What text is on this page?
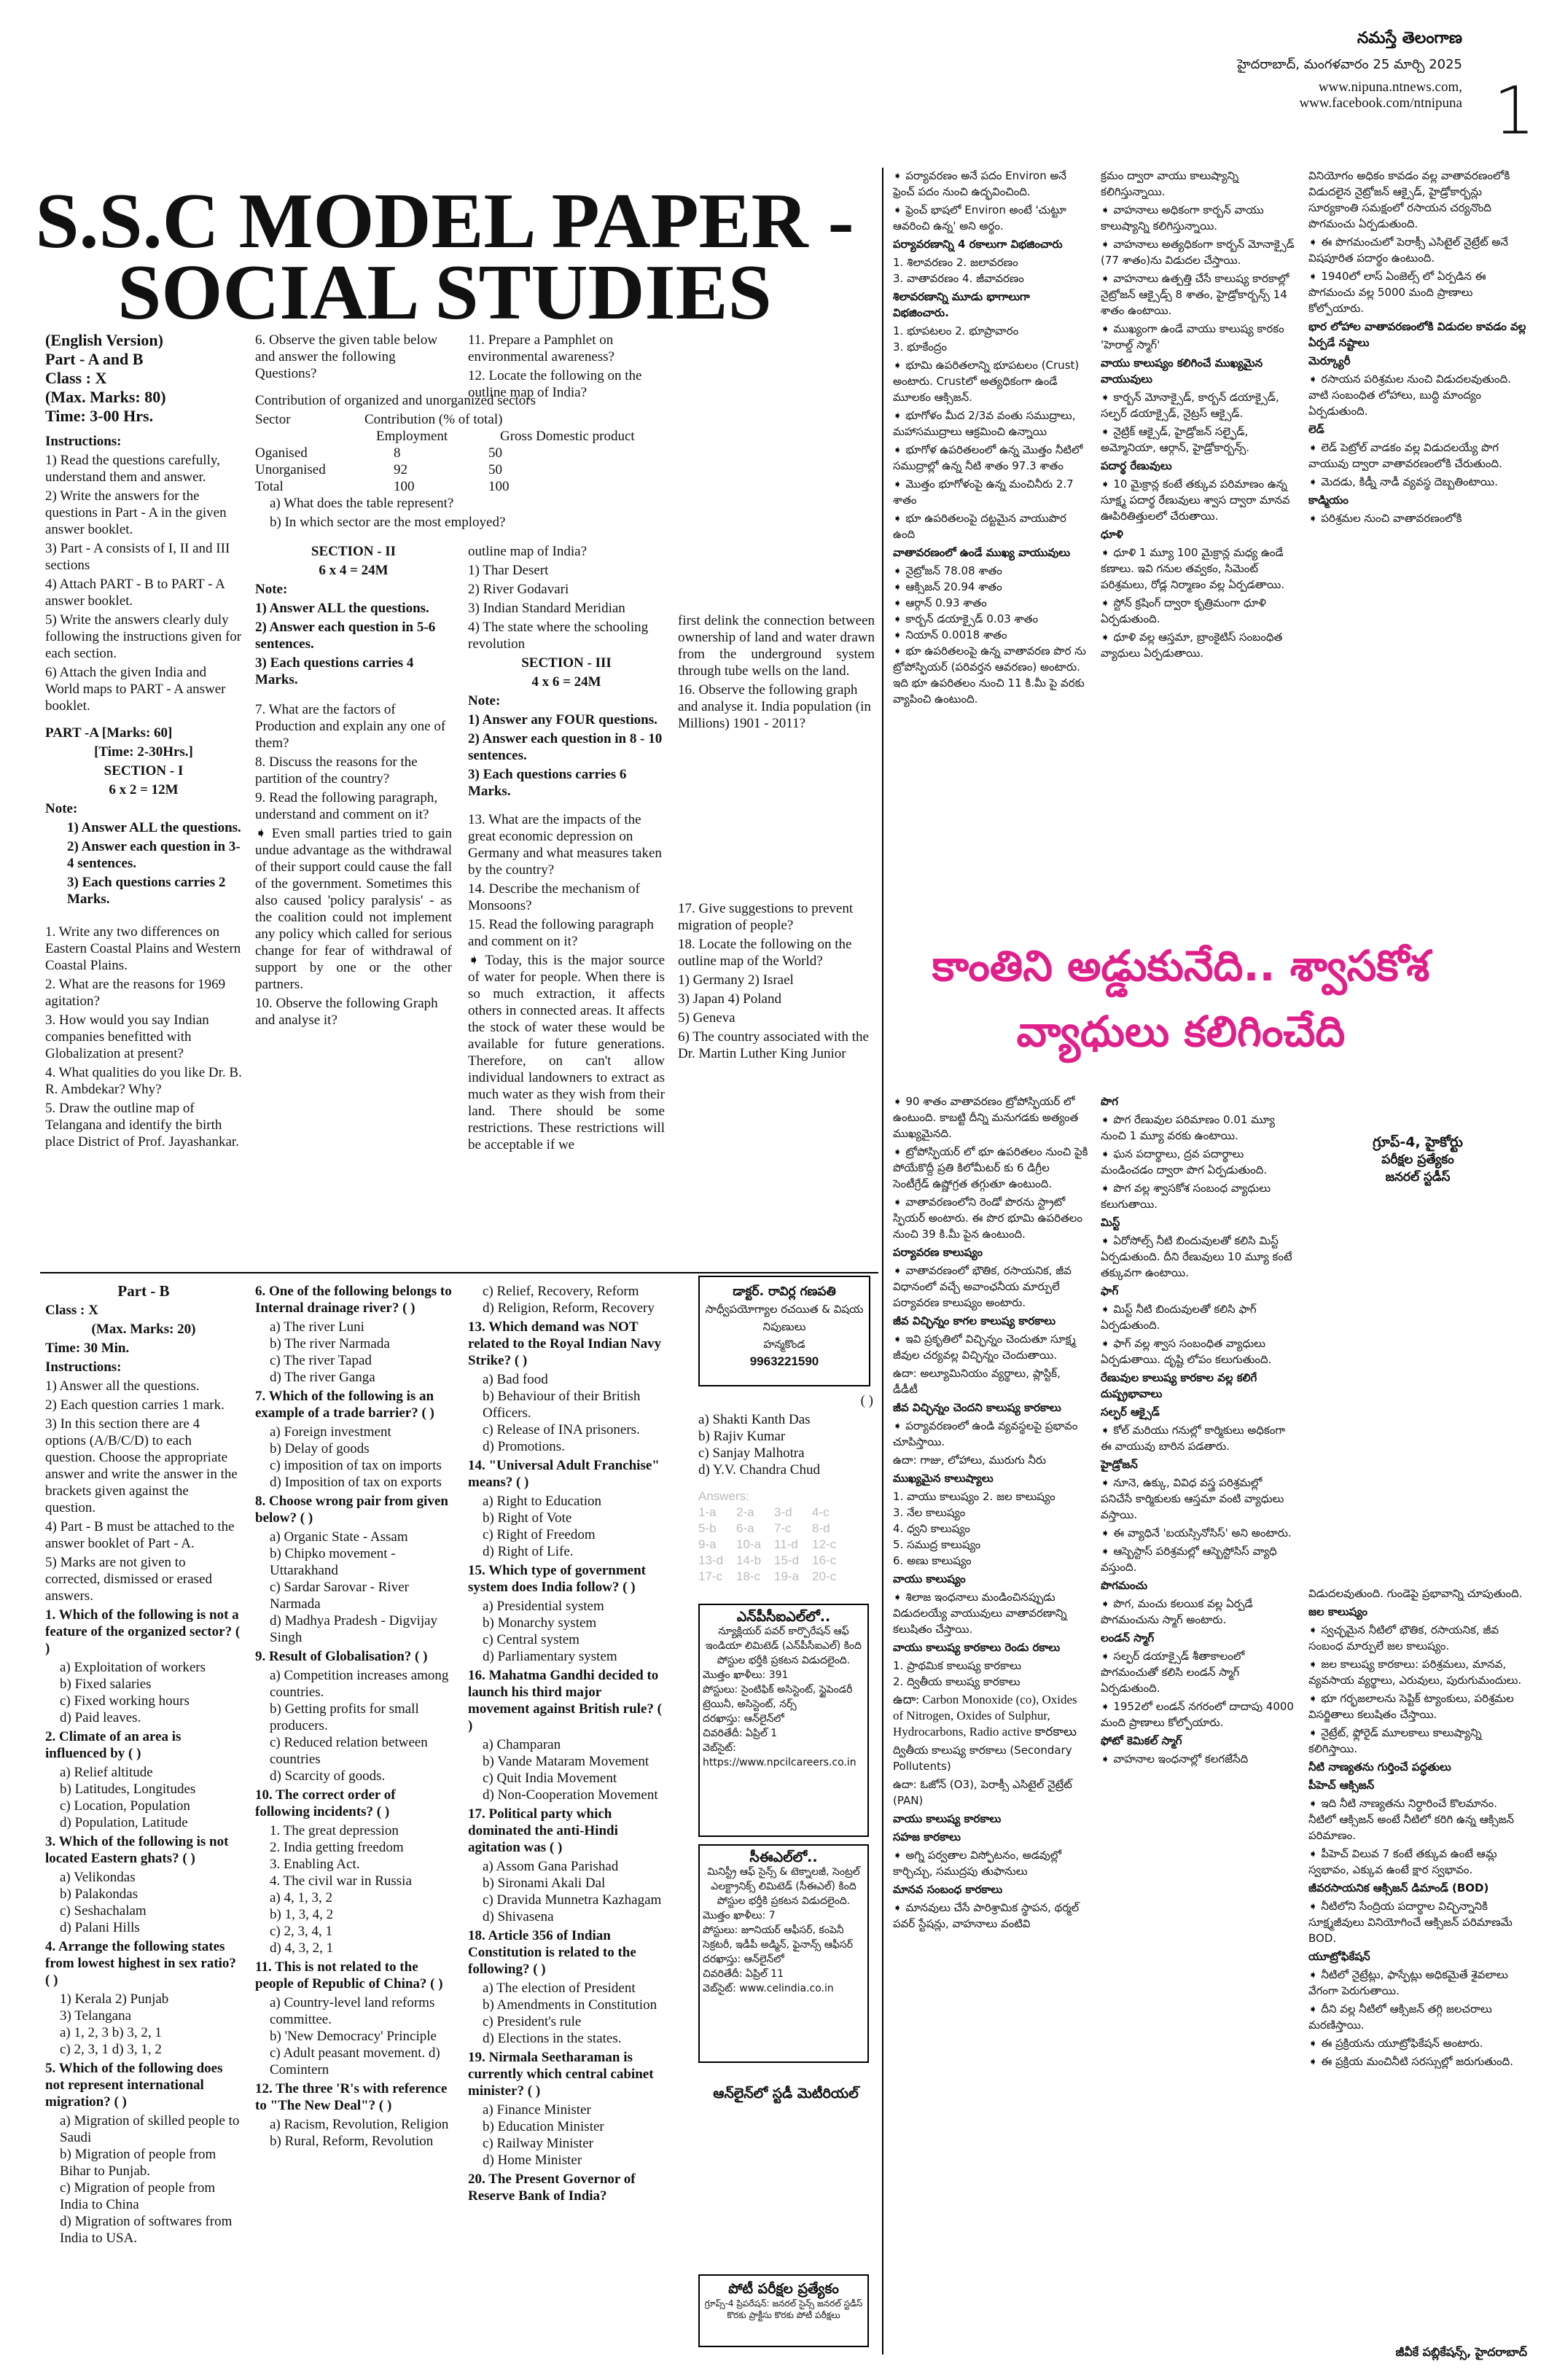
నమస్తే తెలంగాణ
హైదరాబాద్, మంగళవారం 25 మార్చి 2025
www.nipuna.ntnews.com,
www.facebook.com/ntnipuna 1
S.S.C MODEL PAPER -
SOCIAL STUDIES

(English Version)

Part - A and B

Class : X

(Max. Marks: 80)

Time: 3-00 Hrs.

Instructions:

1) Read the questions carefully, understand them and answer.

2) Write the answers for the questions in Part - A in the given answer booklet.

3) Part - A consists of I, II and III sections

4) Attach PART - B to PART - A answer booklet.

5) Write the answers clearly duly following the instructions given for each section.

6) Attach the given India and World maps to PART - A answer booklet.

PART -A [Marks: 60]

[Time: 2-30Hrs.]

SECTION - I

6 x 2 = 12M

Note:

1) Answer ALL the questions.

2) Answer each question in 3-4 sentences.

3) Each questions carries 2 Marks.

1. Write any two differences on Eastern Coastal Plains and Western Coastal Plains.

2. What are the reasons for 1969 agitation?

3. How would you say Indian companies benefitted with Globalization at present?

4. What qualities do you like Dr. B. R. Ambdekar? Why?

5. Draw the outline map of Telangana and identify the birth place District of Prof. Jayashankar.

6. Observe the given table below and answer the following Questions?

Contribution of organized and unorganized sectors

Sector	Contribution (% of total)
Employment	Gross Domestic product
Oganised	8	50
Unorganised	92	50
Total	100	100

a) What does the table represent?

b) In which sector are the most employed?

SECTION - II

6 x 4 = 24M

Note:

1) Answer ALL the questions.

2) Answer each question in 5-6 sentences.

3) Each questions carries 4 Marks.

7. What are the factors of Production and explain any one of them?

8. Discuss the reasons for the partition of the country?

9. Read the following paragraph, understand and comment on it?

➧ Even small parties tried to gain undue advantage as the withdrawal of their support could cause the fall of the government. Sometimes this also caused 'policy paralysis' - as the coalition could not implement any policy which called for serious change for fear of withdrawal of support by one or the other partners.

10. Observe the following Graph and analyse it?

11. Prepare a Pamphlet on environmental awareness?

12. Locate the following on the outline map of India?

outline map of India?

1) Thar Desert

2) River Godavari

3) Indian Standard Meridian

4) The state where the schooling revolution

SECTION - III

4 x 6 = 24M

Note:

1) Answer any FOUR questions.

2) Answer each question in 8 - 10 sentences.

3) Each questions carries 6 Marks.

13. What are the impacts of the great economic depression on Germany and what measures taken by the country?

14. Describe the mechanism of Monsoons?

15. Read the following paragraph and comment on it?

➧ Today, this is the major source of water for people. When there is so much extraction, it affects others in connected areas. It affects the stock of water these would be available for future generations. Therefore, on can't allow individual landowners to extract as much water as they wish from their land. There should be some restrictions. These restrictions will be acceptable if we

first delink the connection between ownership of land and water drawn from the underground system through tube wells on the land.

16. Observe the following graph and analyse it. India population (in Millions) 1901 - 2011?

17. Give suggestions to prevent migration of people?

18. Locate the following on the outline map of the World?

1) Germany 2) Israel

3) Japan 4) Poland

5) Geneva

6) The country associated with the Dr. Martin Luther King Junior

కాంతిని అడ్డుకునేది.. శ్వాసకోశ
వ్యాధులు కలిగించేది

Part - B

Class : X

(Max. Marks: 20)

Time: 30 Min.

Instructions:

1) Answer all the questions.

2) Each question carries 1 mark.

3) In this section there are 4 options (A/B/C/D) to each question. Choose the appropriate answer and write the answer in the brackets given against the question.

4) Part - B must be attached to the answer booklet of Part - A.

5) Marks are not given to corrected, dismissed or erased answers.

1. Which of the following is not a feature of the organized sector? ( )

a) Exploitation of workers

b) Fixed salaries

c) Fixed working hours

d) Paid leaves.

2. Climate of an area is influenced by ( )

a) Relief altitude

b) Latitudes, Longitudes

c) Location, Population

d) Population, Latitude

3. Which of the following is not located Eastern ghats? ( )

a) Velikondas

b) Palakondas

c) Seshachalam

d) Palani Hills

4. Arrange the following states from lowest highest in sex ratio? ( )

1) Kerala 2) Punjab

3) Telangana

a) 1, 2, 3 b) 3, 2, 1

c) 2, 3, 1 d) 3, 1, 2

5. Which of the following does not represent international migration? ( )

a) Migration of skilled people to Saudi

b) Migration of people from Bihar to Punjab.

c) Migration of people from India to China

d) Migration of softwares from India to USA.

6. One of the following belongs to Internal drainage river? ( )

a) The river Luni

b) The river Narmada

c) The river Tapad

d) The river Ganga

7. Which of the following is an example of a trade barrier? ( )

a) Foreign investment

b) Delay of goods

c) imposition of tax on imports

d) Imposition of tax on exports

8. Choose wrong pair from given below? ( )

a) Organic State - Assam

b) Chipko movement - Uttarakhand

c) Sardar Sarovar - River Narmada

d) Madhya Pradesh - Digvijay Singh

9. Result of Globalisation? ( )

a) Competition increases among countries.

b) Getting profits for small producers.

c) Reduced relation between countries

d) Scarcity of goods.

10. The correct order of following incidents? ( )

1. The great depression

2. India getting freedom

3. Enabling Act.

4. The civil war in Russia

a) 4, 1, 3, 2

b) 1, 3, 4, 2

c) 2, 3, 4, 1

d) 4, 3, 2, 1

11. This is not related to the people of Republic of China? ( )

a) Country-level land reforms committee.

b) 'New Democracy' Principle

c) Adult peasant movement. d) Comintern

12. The three 'R's with reference to "The New Deal"? ( )

a) Racism, Revolution, Religion

b) Rural, Reform, Revolution

c) Relief, Recovery, Reform

d) Religion, Reform, Recovery

13. Which demand was NOT related to the Royal Indian Navy Strike? ( )

a) Bad food

b) Behaviour of their British Officers.

c) Release of INA prisoners.

d) Promotions.

14. "Universal Adult Franchise" means? ( )

a) Right to Education

b) Right of Vote

c) Right of Freedom

d) Right of Life.

15. Which type of government system does India follow? ( )

a) Presidential system

b) Monarchy system

c) Central system

d) Parliamentary system

16. Mahatma Gandhi decided to launch his third major movement against British rule? ( )

a) Champaran

b) Vande Mataram Movement

c) Quit India Movement

d) Non-Cooperation Movement

17. Political party which dominated the anti-Hindi agitation was ( )

a) Assom Gana Parishad

b) Sironami Akali Dal

c) Dravida Munnetra Kazhagam

d) Shivasena

18. Article 356 of Indian Constitution is related to the following? ( )

a) The election of President

b) Amendments in Constitution

c) President's rule

d) Elections in the states.

19. Nirmala Seetharaman is currently which central cabinet minister? ( )

a) Finance Minister

b) Education Minister

c) Railway Minister

d) Home Minister

20. The Present Governor of Reserve Bank of India?

డాక్టర్. రావిర్ల గణపతి
సాధ్వీపయోగ్యాల రచయిత & విషయ నిపుణులు
హన్మకొండ
9963221590

( )

a) Shakti Kanth Das

b) Rajiv Kumar

c) Sanjay Malhotra

d) Y.V. Chandra Chud

Answers:
1-a 2-a 3-d 4-c
5-b 6-a 7-c 8-d
9-a 10-a 11-d 12-c
13-d 14-b 15-d 16-c
17-c 18-c 19-a 20-c
ఎన్‌పీసీఐఎల్‌లో..
న్యూక్లియర్ పవర్ కార్పొరేషన్ ఆఫ్ ఇండియా లిమిటెడ్ (ఎన్‌పీసీఐఎల్) కింది పోస్టుల భర్తీకి ప్రకటన విడుదలైంది.
మొత్తం ఖాళీలు: 391
పోస్టులు: సైంటిఫిక్ అసిస్టెంట్, స్టైపెండరీ ట్రెయినీ, అసిస్టెంట్, నర్స్
దరఖాస్తు: ఆన్‌లైన్‌లో
చివరితేదీ: ఏప్రిల్ 1
వెబ్‌సైట్: https://www.npcilcareers.co.in
సీఈఎల్‌లో..
మినిస్ట్రీ ఆఫ్ సైన్స్ & టెక్నాలజీ, సెంట్రల్ ఎలక్ట్రానిక్స్ లిమిటెడ్ (సీఈఎల్) కింది పోస్టుల భర్తీకి ప్రకటన విడుదలైంది.
మొత్తం ఖాళీలు: 7
పోస్టులు: జూనియర్ ఆఫీసర్, కంపెనీ సెక్రటరీ, ఇడీపీ అడ్మిన్, ఫైనాన్స్ ఆఫీసర్
దరఖాస్తు: ఆన్‌లైన్‌లో
చివరితేదీ: ఏప్రిల్ 11
వెబ్‌సైట్: www.celindia.co.in
ఆన్‌లైన్‌లో స్టడీ మెటీరియల్
పోటీ పరీక్షల ప్రత్యేకం
గ్రూప్స్-4 ప్రిపరేషన్: జనరల్ సైన్స్ జనరల్ స్టడీస్ కొరకు ప్రాక్టీసు కొరకు పోటీ పరీక్షలు

➧ పర్యావరణం అనే పదం Environ అనే ఫ్రెంచ్ పదం నుంచి ఉద్భవించింది.

➧ ఫ్రెంచ్ భాషలో Environ అంటే 'చుట్టూ ఆవరించి ఉన్న' అని అర్థం.

పర్యావరణాన్ని 4 రకాలుగా విభజించారు

1. శిలావరణం 2. జలావరణం

3. వాతావరణం 4. జీవావరణం

శిలావరణాన్ని మూడు భాగాలుగా విభజించారు.

1. భూపటలం 2. భూప్రావారం

3. భూకేంద్రం

➧ భూమి ఉపరితలాన్ని భూపటలం (Crust) అంటారు. Crustలో అత్యధికంగా ఉండే మూలకం ఆక్సిజన్.

➧ భూగోళం మీద 2/3వ వంతు సముద్రాలు, మహాసముద్రాలు ఆక్రమించి ఉన్నాయి

➧ భూగోళ ఉపరితలంలో ఉన్న మొత్తం నీటిలో సముద్రాల్లో ఉన్న నీటి శాతం 97.3 శాతం

➧ మొత్తం భూగోళంపై ఉన్న మంచినీరు 2.7 శాతం

➧ భూ ఉపరితలంపై దట్టమైన వాయుపొర ఉంది

వాతావరణంలో ఉండే ముఖ్య వాయువులు

➧ నైట్రోజన్ 78.08 శాతం

➧ ఆక్సిజన్ 20.94 శాతం

➧ ఆర్గాన్ 0.93 శాతం

➧ కార్బన్ డయాక్సైడ్ 0.03 శాతం

➧ నియాన్ 0.0018 శాతం

➧ భూ ఉపరితలంపై ఉన్న వాతావరణ పొర ను ట్రోపోస్ఫియర్ (పరివర్తన ఆవరణం) అంటారు. ఇది భూ ఉపరితలం నుంచి 11 కి.మీ పై వరకు వ్యాపించి ఉంటుంది.

క్రమం ద్వారా వాయు కాలుష్యాన్ని కలిగిస్తున్నాయి.

➧ వాహనాలు అధికంగా కార్బన్ వాయు కాలుష్యాన్ని కలిగిస్తున్నాయి.

➧ వాహనాలు అత్యధికంగా కార్బన్ మోనాక్సైడ్ (77 శాతం)ను విడుదల చేస్తాయి.

➧ వాహనాలు ఉత్పత్తి చేసే కాలుష్య కారకాల్లో నైట్రోజన్ ఆక్సైడ్స్ 8 శాతం, హైడ్రోకార్బన్స్ 14 శాతం ఉంటాయి.

➧ ముఖ్యంగా ఉండే వాయు కాలుష్య కారకం 'హెరాల్డ్ స్మాగ్'

వాయు కాలుష్యం కలిగించే ముఖ్యమైన వాయువులు

➧ కార్బన్ మోనాక్సైడ్, కార్బన్ డయాక్సైడ్, సల్ఫర్ డయాక్సైడ్, నైట్రస్ ఆక్సైడ్.

➧ నైట్రిక్ ఆక్సైడ్, హైడ్రోజన్ సల్ఫైడ్, అమ్మోనియా, ఆర్గాన్, హైడ్రోకార్బన్స్.

పదార్థ రేణువులు

➧ 10 మైక్రాన్ల కంటే తక్కువ పరిమాణం ఉన్న సూక్ష్మ పదార్థ రేణువులు శ్వాస ద్వారా మానవ ఊపిరితిత్తులలో చేరుతాయి.

ధూళి

➧ ధూళి 1 మ్యూ 100 మైక్రాన్ల మధ్య ఉండే కణాలు. ఇవి గనుల తవ్వకం, సిమెంట్ పరిశ్రమలు, రోడ్ల నిర్మాణం వల్ల ఏర్పడతాయి.

➧ స్టోన్ క్రషింగ్ ద్వారా కృత్రిమంగా ధూళి ఏర్పడుతుంది.

➧ ధూళి వల్ల ఆస్తమా, బ్రాంకైటిస్ సంబంధిత వ్యాధులు ఏర్పడుతాయి.

వినియోగం అధికం కావడం వల్ల వాతావరణంలోకి విడుదలైన నైట్రోజన్ ఆక్సైడ్, హైడ్రోకార్బన్లు సూర్యకాంతి సమక్షంలో రసాయన చర్యనొంది పొగమంచు ఏర్పడుతుంది.

➧ ఈ పొగమంచులో పెరాక్సీ ఎసిటైల్ నైట్రేట్ అనే విషపూరిత పదార్థం ఉంటుంది.

➧ 1940లో లాస్ ఏంజెల్స్ లో ఏర్పడిన ఈ పొగమంచు వల్ల 5000 మంది ప్రాణాలు కోల్పోయారు.

భార లోహాల వాతావరణంలోకి విడుదల కావడం వల్ల ఏర్పడే నష్టాలు

మెర్క్యూరీ

➧ రసాయన పరిశ్రమల నుంచి విడుదలవుతుంది. వాటి సంబంధిత లోహాలు, బుద్ధి మాంద్యం ఏర్పడుతుంది.

లెడ్

➧ లెడ్ పెట్రోల్ వాడకం వల్ల విడుదలయ్యే పొగ వాయువు ద్వారా వాతావరణంలోకి చేరుతుంది.

➧ మెదడు, కిడ్నీ నాడీ వ్యవస్థ దెబ్బతింటాయి.

కాడ్మియం

➧ పరిశ్రమల నుంచి వాతావరణంలోకి

➧ 90 శాతం వాతావరణం ట్రోపోస్ఫియర్ లో ఉంటుంది. కాబట్టి దీన్ని మనుగడకు అత్యంత ముఖ్యమైనది.

➧ ట్రోపోస్ఫియర్ లో భూ ఉపరితలం నుంచి పైకి పోయేకొద్దీ ప్రతి కిలోమీటర్ కు 6 డిగ్రీల సెంటీగ్రేడ్ ఉష్ణోగ్రత తగ్గుతూ ఉంటుంది.

➧ వాతావరణంలోని రెండో పొరను స్ట్రాటో స్ఫియర్ అంటారు. ఈ పొర భూమి ఉపరితలం నుంచి 39 కి.మీ పైన ఉంటుంది.

పర్యావరణ కాలుష్యం

➧ వాతావరణంలో భౌతిక, రసాయనిక, జీవ విధానంలో వచ్చే అవాంఛనీయ మార్పులే పర్యావరణ కాలుష్యం అంటారు.

జీవ విచ్ఛిన్నం కాగల కాలుష్య కారకాలు

➧ ఇవి ప్రకృతిలో విచ్ఛిన్నం చెందుతూ సూక్ష్మ జీవుల చర్యవల్ల విచ్ఛిన్నం చెందుతాయి.

ఉదా: అల్యూమినియం వ్యర్థాలు, ప్లాస్టిక్, డీడీటీ

జీవ విచ్ఛిన్నం చెందని కాలుష్య కారకాలు

➧ పర్యావరణంలో ఉండి వ్యవస్థలపై ప్రభావం చూపిస్తాయి.

ఉదా: గాజు, లోహాలు, మురుగు నీరు

ముఖ్యమైన కాలుష్యాలు

1. వాయు కాలుష్యం 2. జల కాలుష్యం

3. నేల కాలుష్యం

4. ధ్వని కాలుష్యం

5. సముద్ర కాలుష్యం

6. అణు కాలుష్యం

వాయు కాలుష్యం

➧ శిలాజ ఇంధనాలు మండించినప్పుడు విడుదలయ్యే వాయువులు వాతావరణాన్ని కలుషితం చేస్తాయి.

వాయు కాలుష్య కారకాలు రెండు రకాలు

1. ప్రాథమిక కాలుష్య కారకాలు

2. ద్వితీయ కాలుష్య కారకాలు

ఉదా: Carbon Monoxide (co), Oxides of Nitrogen, Oxides of Sulphur, Hydrocarbons, Radio active కారకాలు

ద్వితీయ కాలుష్య కారకాలు (Secondary Pollutents)

ఉదా: ఓజోన్ (O3), పెరాక్సీ ఎసిటైల్ నైట్రేట్ (PAN)

వాయు కాలుష్య కారకాలు

సహజ కారకాలు

➧ అగ్ని పర్వతాల విస్ఫోటనం, అడవుల్లో కార్చిచ్చు, సముద్రపు తుఫానులు

మానవ సంబంధ కారకాలు

➧ మానవులు చేసే పారిశ్రామిక స్థాపన, థర్మల్ పవర్ స్టేషన్లు, వాహనాలు వంటివి

పొగ

➧ పొగ రేణువుల పరిమాణం 0.01 మ్యూ నుంచి 1 మ్యూ వరకు ఉంటాయి.

➧ ఘన పదార్థాలు, ద్రవ పదార్థాలు మండించడం ద్వారా పొగ ఏర్పడుతుంది.

➧ పొగ వల్ల శ్వాసకోశ సంబంధ వ్యాధులు కలుగుతాయి.

మిస్ట్

➧ ఏరోసోల్స్ నీటి బిందువులతో కలిసి మిస్ట్ ఏర్పడుతుంది. దీని రేణువులు 10 మ్యూ కంటే తక్కువగా ఉంటాయి.

ఫాగ్

➧ మిస్ట్ నీటి బిందువులతో కలిసి ఫాగ్ ఏర్పడుతుంది.

➧ ఫాగ్ వల్ల శ్వాస సంబంధిత వ్యాధులు ఏర్పడుతాయి. దృష్టి లోపం కలుగుతుంది.

రేణువుల కాలుష్య కారకాల వల్ల కలిగే దుష్ప్రభావాలు

సల్ఫర్ ఆక్సైడ్

➧ కోల్ మరియు గనుల్లో కార్మికులు అధికంగా ఈ వాయువు బారిన పడతారు.

హైడ్రోజన్

➧ నూనె, ఉక్కు, వివిధ వస్త్ర పరిశ్రమల్లో పనిచేసే కార్మికులకు ఆస్తమా వంటి వ్యాధులు వస్తాయి.

➧ ఈ వ్యాధినే 'బయస్సినోసిస్' అని అంటారు.

➧ ఆస్బెస్టాస్ పరిశ్రమల్లో ఆస్బెస్టోసిస్ వ్యాధి వస్తుంది.

పొగమంచు

➧ పొగ, మంచు కలయిక వల్ల ఏర్పడే పొగమంచును స్మాగ్ అంటారు.

లండన్ స్మాగ్

➧ సల్ఫర్ డయాక్సైడ్ శీతాకాలంలో పొగమంచుతో కలిసి లండన్ స్మాగ్ ఏర్పడుతుంది.

➧ 1952లో లండన్ నగరంలో దాదాపు 4000 మంది ప్రాణాలు కోల్పోయారు.

ఫోటో కెమికల్ స్మాగ్

➧ వాహనాల ఇంధనాల్లో కలగజేసేది

గ్రూప్-4, హైకోర్టు
పరీక్షల ప్రత్యేకం
జనరల్ స్టడీస్

విడుదలవుతుంది. గుండెపై ప్రభావాన్ని చూపుతుంది.

జల కాలుష్యం

➧ స్వచ్ఛమైన నీటిలో భౌతిక, రసాయనిక, జీవ సంబంధ మార్పులే జల కాలుష్యం.

➧ జల కాలుష్య కారకాలు: పరిశ్రమలు, మానవ, వ్యవసాయ వ్యర్థాలు, ఎరువులు, పురుగుమందులు.

➧ భూ గర్భజలాలను సెప్టిక్ ట్యాంకులు, పరిశ్రమల విసర్జితాలు కలుషితం చేస్తాయి.

➧ నైట్రేట్, ఫ్లోరైడ్ మూలకాలు కాలుష్యాన్ని కలిగిస్తాయి.

నీటి నాణ్యతను గుర్తించే పద్ధతులు

పీహెచ్ ఆక్సిజన్

➧ ఇది నీటి నాణ్యతను నిర్ధారించే కొలమానం. నీటిలో ఆక్సిజన్ అంటే నీటిలో కరిగి ఉన్న ఆక్సిజన్ పరిమాణం.

➧ పీహెచ్ విలువ 7 కంటే తక్కువ ఉంటే ఆమ్ల స్వభావం, ఎక్కువ ఉంటే క్షార స్వభావం.

జీవరసాయనిక ఆక్సిజన్ డిమాండ్ (BOD)

➧ నీటిలోని సేంద్రియ పదార్థాల విచ్ఛిన్నానికి సూక్ష్మజీవులు వినియోగించే ఆక్సిజన్ పరిమాణమే BOD.

యూట్రోఫికేషన్

➧ నీటిలో నైట్రేట్లు, ఫాస్ఫేట్లు అధికమైతే శైవలాలు వేగంగా పెరుగుతాయి.

➧ దీని వల్ల నీటిలో ఆక్సిజన్ తగ్గి జలచరాలు మరణిస్తాయి.

➧ ఈ ప్రక్రియను యూట్రోఫికేషన్ అంటారు.

➧ ఈ ప్రక్రియ మంచినీటి సరస్సుల్లో జరుగుతుంది.

జీవీకే పబ్లికేషన్స్, హైదరాబాద్
